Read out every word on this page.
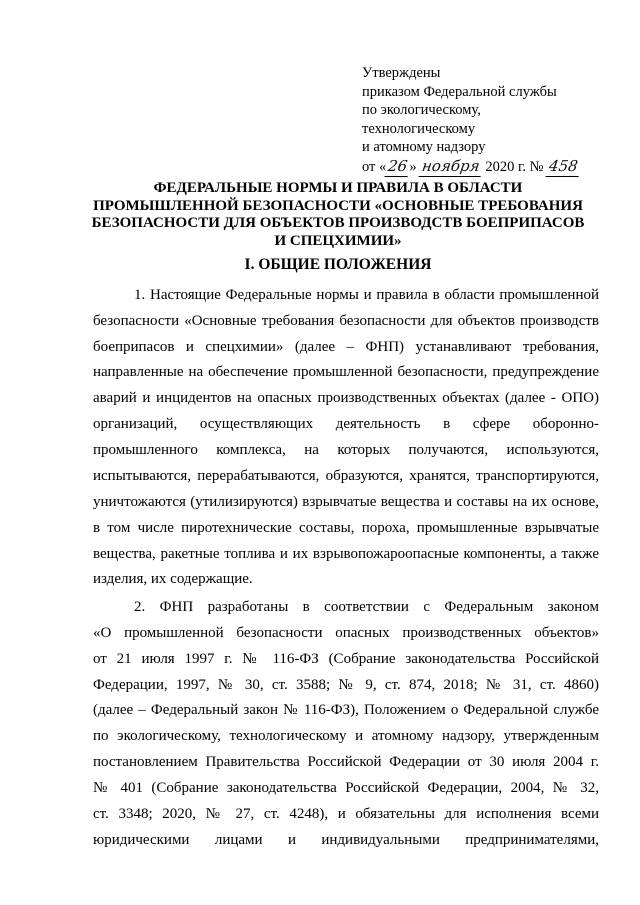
Утверждены
приказом Федеральной службы
по экологическому,
технологическому
и атомному надзору
от «26» ноября 2020 г. № 458
ФЕДЕРАЛЬНЫЕ НОРМЫ И ПРАВИЛА В ОБЛАСТИ
ПРОМЫШЛЕННОЙ БЕЗОПАСНОСТИ «ОСНОВНЫЕ ТРЕБОВАНИЯ
БЕЗОПАСНОСТИ ДЛЯ ОБЪЕКТОВ ПРОИЗВОДСТВ БОЕПРИПАСОВ
И СПЕЦХИМИИ»
I. ОБЩИЕ ПОЛОЖЕНИЯ
1. Настоящие Федеральные нормы и правила в области промышленной
безопасности «Основные требования безопасности для объектов производств
боеприпасов и спецхимии» (далее – ФНП) устанавливают требования,
направленные на обеспечение промышленной безопасности, предупреждение
аварий и инцидентов на опасных производственных объектах (далее - ОПО)
организаций, осуществляющих деятельность в сфере оборонно-
промышленного комплекса, на которых получаются, используются,
испытываются, перерабатываются, образуются, хранятся, транспортируются,
уничтожаются (утилизируются) взрывчатые вещества и составы на их основе,
в том числе пиротехнические составы, пороха, промышленные взрывчатые
вещества, ракетные топлива и их взрывопожароопасные компоненты, а также
изделия, их содержащие.
2. ФНП разработаны в соответствии с Федеральным законом
«О промышленной безопасности опасных производственных объектов»
от 21 июля 1997 г. № 116-ФЗ (Собрание законодательства Российской
Федерации, 1997, № 30, ст. 3588; № 9, ст. 874, 2018; № 31, ст. 4860)
(далее – Федеральный закон № 116-ФЗ), Положением о Федеральной службе
по экологическому, технологическому и атомному надзору, утвержденным
постановлением Правительства Российской Федерации от 30 июля 2004 г.
№ 401 (Собрание законодательства Российской Федерации, 2004, № 32,
ст. 3348; 2020, № 27, ст. 4248), и обязательны для исполнения всеми
юридическими лицами и индивидуальными предпринимателями,
